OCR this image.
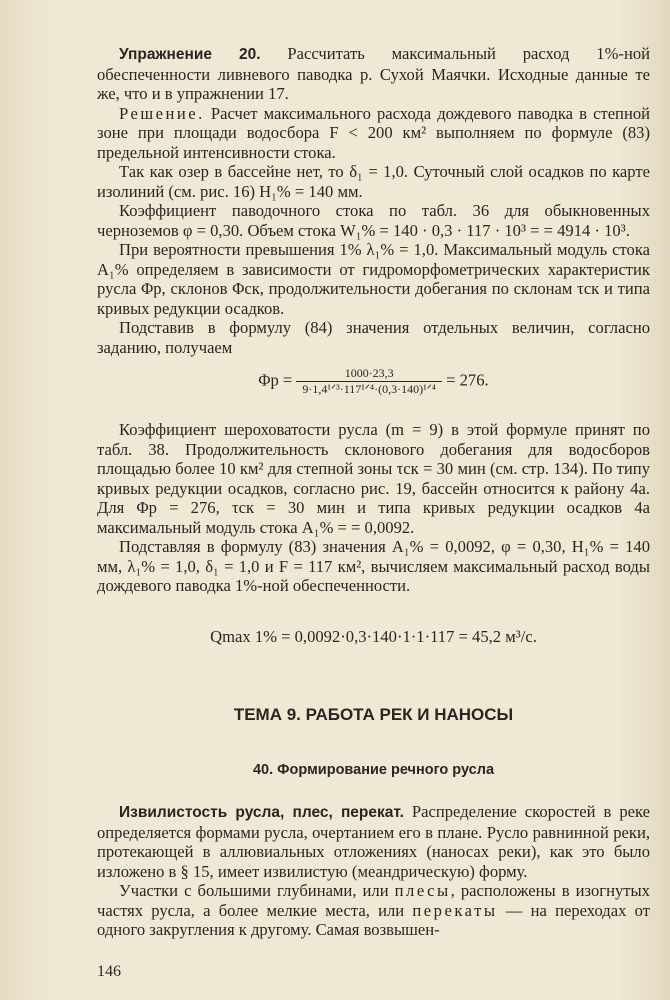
Упражнение 20. Рассчитать максимальный расход 1%-ной обеспеченности ливневого паводка р. Сухой Маячки. Исходные данные те же, что и в упражнении 17.

Решение. Расчет максимального расхода дождевого паводка в степной зоне при площади водосбора F < 200 км² выполняем по формуле (83) предельной интенсивности стока.

Так как озер в бассейне нет, то δ₁ = 1,0. Суточный слой осадков по карте изолиний (см. рис. 16) H₁% = 140 мм.

Коэффициент паводочного стока по табл. 36 для обыкновенных черноземов φ = 0,30. Объем стока W₁% = 140 · 0,3 · 117 · 10³ = = 4914 · 10³.

При вероятности превышения 1% λ₁% = 1,0. Максимальный модуль стока A₁% определяем в зависимости от гидроморфометрических характеристик русла Φр, склонов Φск, продолжительности добегания по склонам τск и типа кривых редукции осадков.

Подставив в формулу (84) значения отдельных величин, согласно заданию, получаем

$\Phi р = \frac{1000\cdot 23,3}{\text{9·1,4¹ᐟ³·117¹ᐟ⁴·(0,3·140)¹ᐟ⁴}} = 276$.

Коэффициент шероховатости русла (m = 9) в этой формуле принят по табл. 38. Продолжительность склонового добегания для водосборов площадью более 10 км² для степной зоны τск = 30 мин (см. стр. 134). По типу кривых редукции осадков, согласно рис. 19, бассейн относится к району 4а. Для Φр = 276, τск = 30 мин и типа кривых редукции осадков 4а максимальный модуль стока A₁% = = 0,0092.

Подставляя в формулу (83) значения A₁% = 0,0092, φ = 0,30, H₁% = 140 мм, λ₁% = 1,0, δ₁ = 1,0 и F = 117 км², вычисляем максимальный расход воды дождевого паводка 1%-ной обеспеченности.

Qmax 1% = 0,0092·0,3·140·1·1·117 = 45,2 м³/с.
ТЕМА 9. РАБОТА РЕК И НАНОСЫ
40. Формирование речного русла

Извилистость русла, плес, перекат. Распределение скоростей в реке определяется формами русла, очертанием его в плане. Русло равнинной реки, протекающей в аллювиальных отложениях (наносах реки), как это было изложено в § 15, имеет извилистую (меандрическую) форму.

Участки с большими глубинами, или плесы, расположены в изогнутых частях русла, а более мелкие места, или перекаты — на переходах от одного закругления к другому. Самая возвышен-

146
